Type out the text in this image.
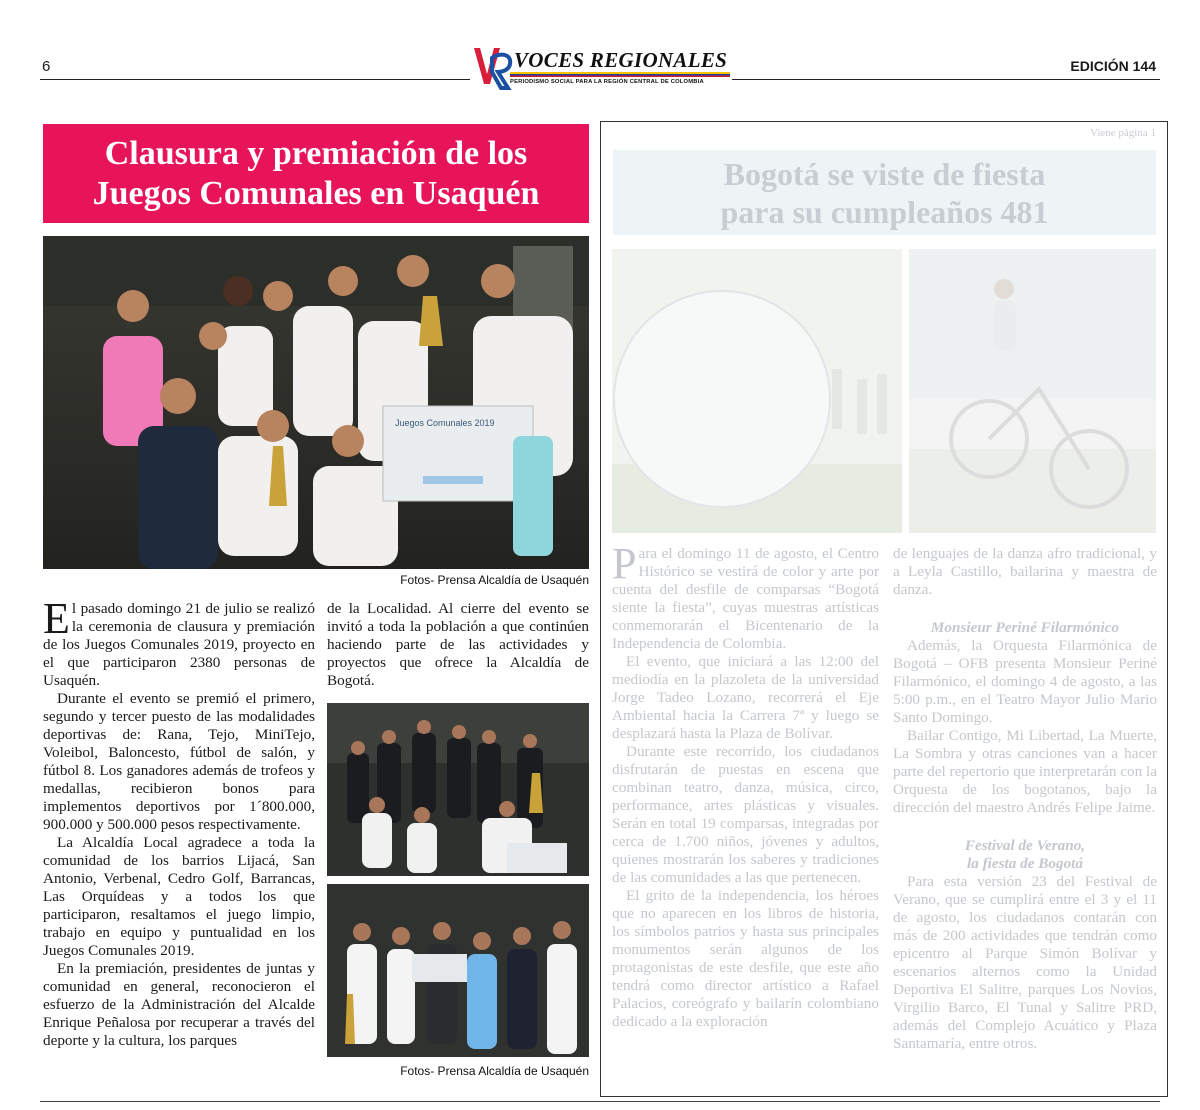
6	EDICIÓN 144
VOCES REGIONALES
PERIODISMO SOCIAL PARA LA REGIÓN CENTRAL DE COLOMBIA
Clausura y premiación de los
Juegos Comunales en Usaquén
Juegos Comunales 2019
Fotos- Prensa Alcaldía de Usaquén

El pasado domingo 21 de julio se realizó la ceremonia de clausura y premiación de los Juegos Comunales 2019, proyecto en el que participaron 2380 personas de Usaquén.

Durante el evento se premió el primero, segundo y tercer puesto de las modalidades deportivas de: Rana, Tejo, MiniTejo, Voleibol, Baloncesto, fútbol de salón, y fútbol 8. Los ganadores además de trofeos y medallas, recibieron bonos para implementos deportivos por 1´800.000, 900.000 y 500.000 pesos respectivamente.

La Alcaldía Local agradece a toda la comunidad de los barrios Lijacá, San Antonio, Verbenal, Cedro Golf, Barrancas, Las Orquídeas y a todos los que participaron, resaltamos el juego limpio, trabajo en equipo y puntualidad en los Juegos Comunales 2019.

En la premiación, presidentes de juntas y comunidad en general, reconocieron el esfuerzo de la Administración del Alcalde Enrique Peñalosa por recuperar a través del deporte y la cultura, los parques

de la Localidad. Al cierre del evento se invitó a toda la población a que continúen haciendo parte de las actividades y proyectos que ofrece la Alcaldía de Bogotá.

Fotos- Prensa Alcaldía de Usaquén
Viene página 1
Bogotá se viste de fiesta
para su cumpleaños 481

Para el domingo 11 de agosto, el Centro Histórico se vestirá de color y arte por cuenta del desfile de comparsas “Bogotá siente la fiesta”, cuyas muestras artísticas conmemorarán el Bicentenario de la Independencia de Colombia.

El evento, que iniciará a las 12:00 del mediodía en la plazoleta de la universidad Jorge Tadeo Lozano, recorrerá el Eje Ambiental hacia la Carrera 7ª y luego se desplazará hasta la Plaza de Bolívar.

Durante este recorrido, los ciudadanos disfrutarán de puestas en escena que combinan teatro, danza, música, circo, performance, artes plásticas y visuales. Serán en total 19 comparsas, integradas por cerca de 1.700 niños, jóvenes y adultos, quienes mostrarán los saberes y tradiciones de las comunidades a las que pertenecen.

El grito de la independencia, los héroes que no aparecen en los libros de historia, los símbolos patrios y hasta sus principales monumentos serán algunos de los protagonistas de este desfile, que este año tendrá como director artístico a Rafael Palacios, coreógrafo y bailarín colombiano dedicado a la exploración

de lenguajes de la danza afro tradicional, y a Leyla Castillo, bailarina y maestra de danza.

Monsieur Periné Filarmónico

Además, la Orquesta Filarmónica de Bogotá – OFB presenta Monsieur Periné Filarmónico, el domingo 4 de agosto, a las 5:00 p.m., en el Teatro Mayor Julio Mario Santo Domingo.

Bailar Contigo, Mi Libertad, La Muerte, La Sombra y otras canciones van a hacer parte del repertorio que interpretarán con la Orquesta de los bogotanos, bajo la dirección del maestro Andrés Felipe Jaime.

Festival de Verano,

la fiesta de Bogotá

Para esta versión 23 del Festival de Verano, que se cumplirá entre el 3 y el 11 de agosto, los ciudadanos contarán con más de 200 actividades que tendrán como epicentro al Parque Simón Bolívar y escenarios alternos como la Unidad Deportiva El Salitre, parques Los Novios, Virgilio Barco, El Tunal y Salitre PRD, además del Complejo Acuático y Plaza Santamaría, entre otros.
